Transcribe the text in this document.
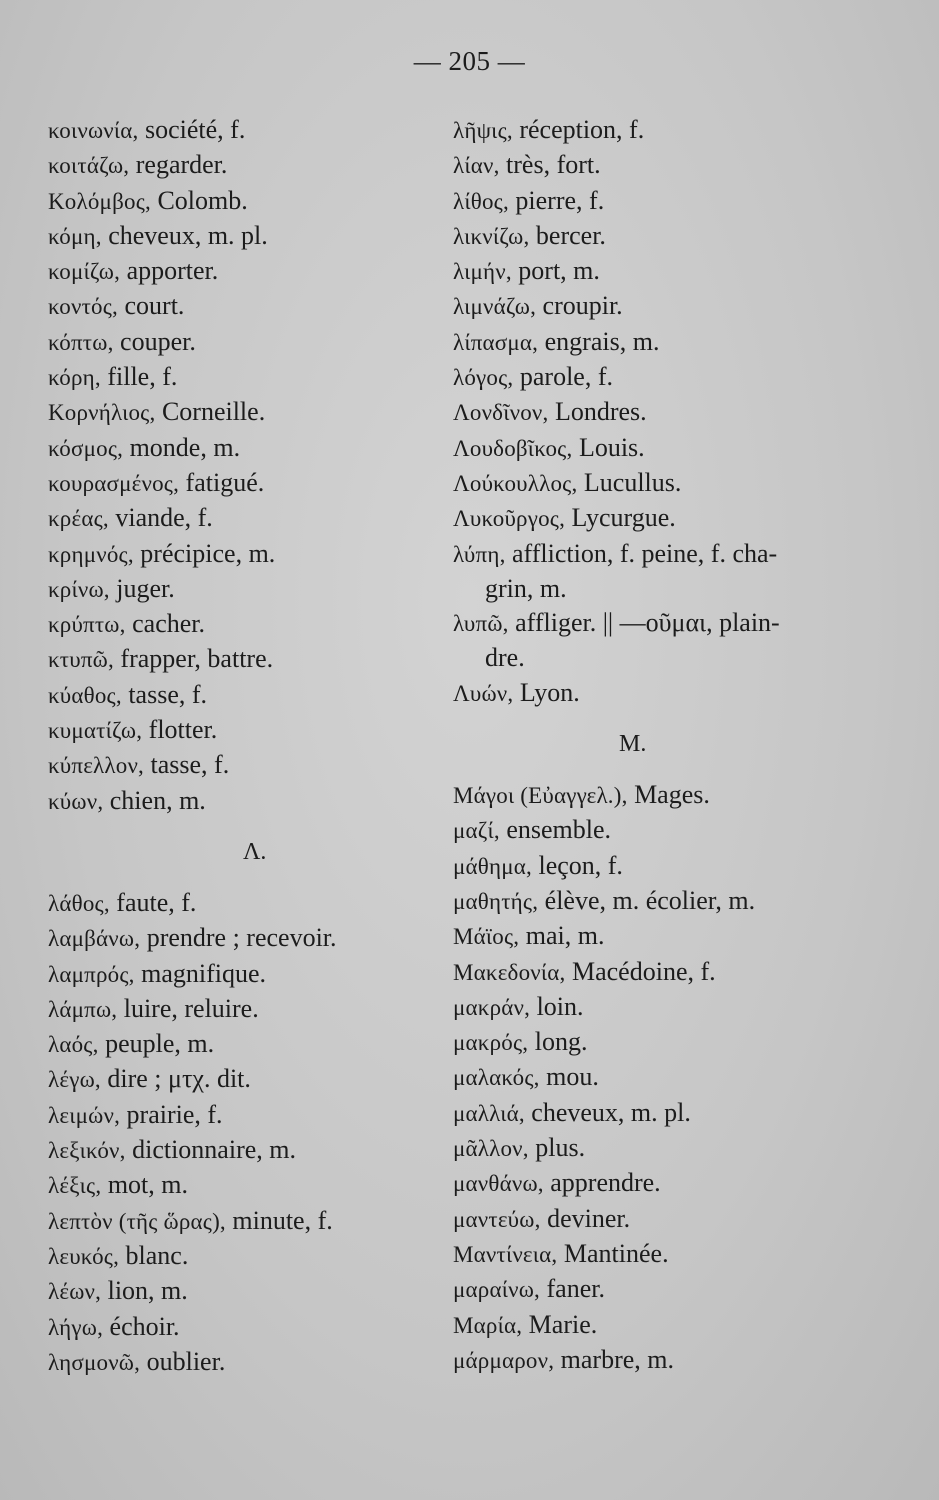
— 205 —
κοινωνία, société, f.
κοιτάζω, regarder.
Κολόμβος, Colomb.
κόμη, cheveux, m. pl.
κομίζω, apporter.
κοντός, court.
κόπτω, couper.
κόρη, fille, f.
Κορνήλιος, Corneille.
κόσμος, monde, m.
κουρασμένος, fatigué.
κρέας, viande, f.
κρημνός, précipice, m.
κρίνω, juger.
κρύπτω, cacher.
κτυπῶ, frapper, battre.
κύαθος, tasse, f.
κυματίζω, flotter.
κύπελλον, tasse, f.
κύων, chien, m.
Λ.
λάθος, faute, f.
λαμβάνω, prendre ; recevoir.
λαμπρός, magnifique.
λάμπω, luire, reluire.
λαός, peuple, m.
λέγω, dire ; μτχ. dit.
λειμών, prairie, f.
λεξικόν, dictionnaire, m.
λέξις, mot, m.
λεπτὸν (τῆς ὥρας), minute, f.
λευκός, blanc.
λέων, lion, m.
λήγω, échoir.
λησμονῶ, oublier.
λῆψις, réception, f.
λίαν, très, fort.
λίθος, pierre, f.
λικνίζω, bercer.
λιμήν, port, m.
λιμνάζω, croupir.
λίπασμα, engrais, m.
λόγος, parole, f.
Λονδῖνον, Londres.
Λουδοβῖκος, Louis.
Λούκουλλος, Lucullus.
Λυκοῦργος, Lycurgue.
λύπη, affliction, f. peine, f. cha-
grin, m.
λυπῶ, affliger. || —οῦμαι, plain-
dre.
Λυών, Lyon.
Μ.
Μάγοι (Εὐαγγελ.), Mages.
μαζί, ensemble.
μάθημα, leçon, f.
μαθητής, élève, m. écolier, m.
Μάϊος, mai, m.
Μακεδονία, Macédoine, f.
μακράν, loin.
μακρός, long.
μαλακός, mou.
μαλλιά, cheveux, m. pl.
μᾶλλον, plus.
μανθάνω, apprendre.
μαντεύω, deviner.
Μαντίνεια, Mantinée.
μαραίνω, faner.
Μαρία, Marie.
μάρμαρον, marbre, m.
